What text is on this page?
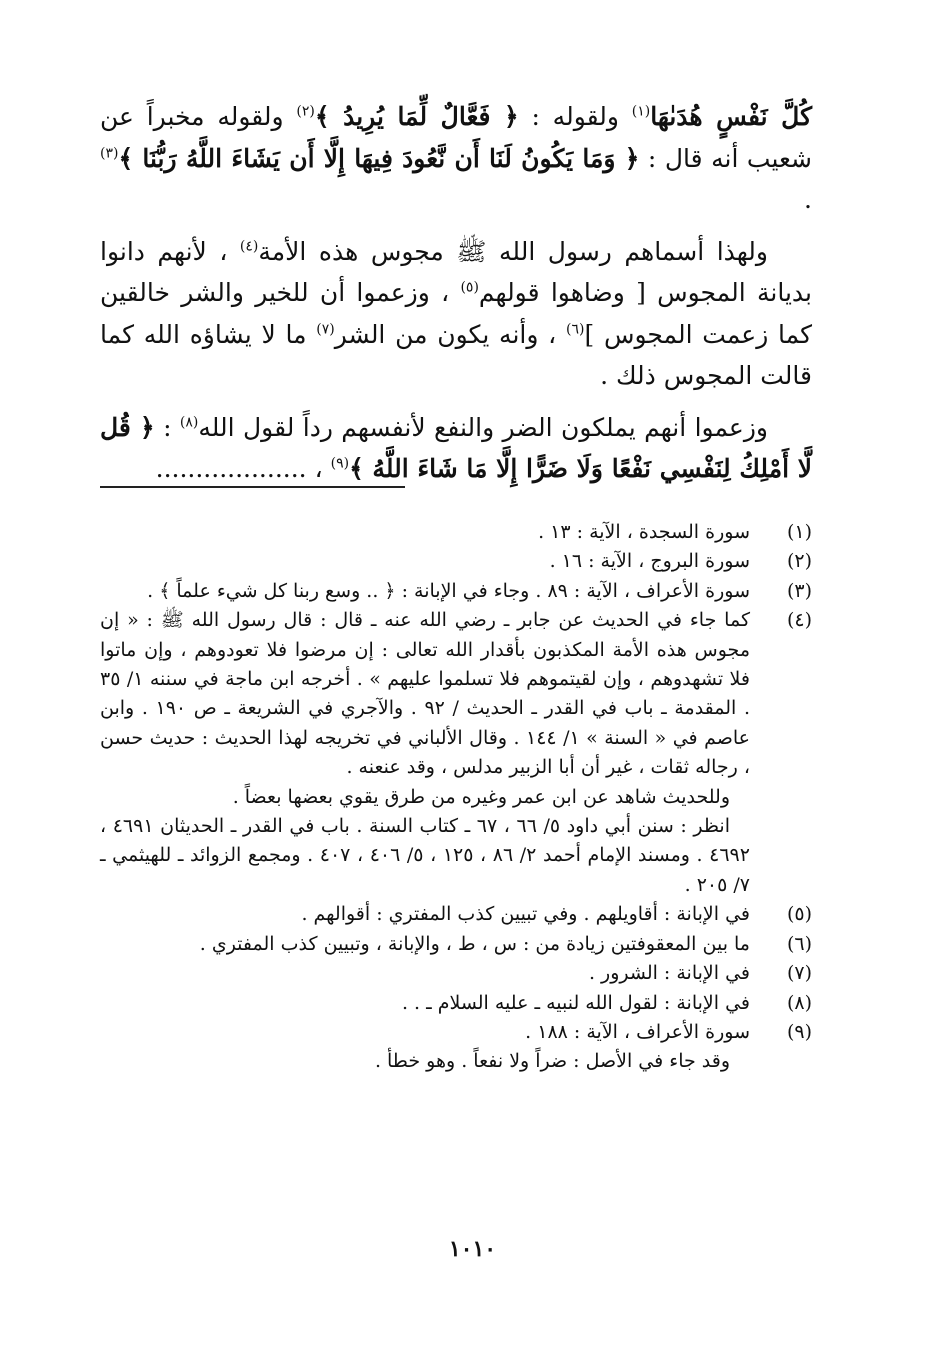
كُلَّ نَفْسٍ هُدَىٰهَا$^{(١)}$ ولقوله : ﴿ فَعَّالٌ لِّمَا يُرِيدُ ﴾$^{(٢)}$ ولقوله مخبراً عن شعيب أنه قال : ﴿ وَمَا يَكُونُ لَنَا أَن نَّعُودَ فِيهَا إِلَّا أَن يَشَاءَ اللَّهُ رَبُّنَا ﴾$^{(٣)}$ .

ولهذا أسماهم رسول الله ﷺ مجوس هذه الأمة$^{(٤)}$ ، لأنهم دانوا بديانة المجوس [ وضاهوا قولهم$^{(٥)}$ ، وزعموا أن للخير والشر خالقين كما زعمت المجوس ]$^{(٦)}$ ، وأنه يكون من الشر$^{(٧)}$ ما لا يشاؤه الله كما قالت المجوس ذلك .

وزعموا أنهم يملكون الضر والنفع لأنفسهم رداً لقول الله$^{(٨)}$ : ﴿ قُل لَّا أَمْلِكُ لِنَفْسِي نَفْعًا وَلَا ضَرًّا إِلَّا مَا شَاءَ اللَّهُ ﴾$^{(٩)}$ ، ...................

(١)

سورة السجدة ، الآية : ١٣ .

(٢)

سورة البروج ، الآية : ١٦ .

(٣)

سورة الأعراف ، الآية : ٨٩ . وجاء في الإبانة : ﴿ .. وسع ربنا كل شيء علماً ﴾ .

(٤)

كما جاء في الحديث عن جابر ـ رضي الله عنه ـ قال : قال رسول الله ﷺ : « إن مجوس هذه الأمة المكذبون بأقدار الله تعالى : إن مرضوا فلا تعودوهم ، وإن ماتوا فلا تشهدوهم ، وإن لقيتموهم فلا تسلموا عليهم » . أخرجه ابن ماجة في سننه ١/ ٣٥ . المقدمة ـ باب في القدر ـ الحديث / ٩٢ . والآجري في الشريعة ـ ص ١٩٠ . وابن عاصم في « السنة » ١/ ١٤٤ . وقال الألباني في تخريجه لهذا الحديث : حديث حسن ، رجاله ثقات ، غير أن أبا الزبير مدلس ، وقد عنعنه .

وللحديث شاهد عن ابن عمر وغيره من طرق يقوي بعضها بعضاً .

انظر : سنن أبي داود ٥/ ٦٦ ، ٦٧ ـ كتاب السنة . باب في القدر ـ الحديثان ٤٦٩١ ، ٤٦٩٢ . ومسند الإمام أحمد ٢/ ٨٦ ، ١٢٥ ، ٥/ ٤٠٦ ، ٤٠٧ . ومجمع الزوائد ـ للهيثمي ـ ٧/ ٢٠٥ .

(٥)

في الإبانة : أقاويلهم . وفي تبيين كذب المفتري : أقوالهم .

(٦)

ما بين المعقوفتين زيادة من : س ، ط ، والإبانة ، وتبيين كذب المفتري .

(٧)

في الإبانة : الشرور .

(٨)

في الإبانة : لقول الله لنبيه ـ عليه السلام ـ . .

(٩)

سورة الأعراف ، الآية : ١٨٨ .

وقد جاء في الأصل : ضراً ولا نفعاً . وهو خطأ .

١٠١٠
